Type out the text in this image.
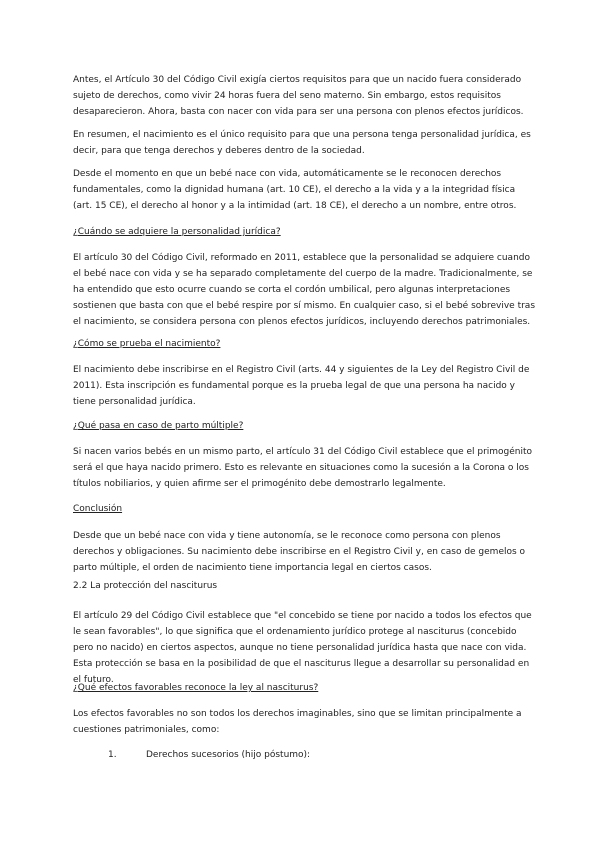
Antes, el Artículo 30 del Código Civil exigía ciertos requisitos para que un nacido fuera considerado sujeto de derechos, como vivir 24 horas fuera del seno materno. Sin embargo, estos requisitos desaparecieron. Ahora, basta con nacer con vida para ser una persona con plenos efectos jurídicos.

En resumen, el nacimiento es el único requisito para que una persona tenga personalidad jurídica, es decir, para que tenga derechos y deberes dentro de la sociedad.

Desde el momento en que un bebé nace con vida, automáticamente se le reconocen derechos fundamentales, como la dignidad humana (art. 10 CE), el derecho a la vida y a la integridad física (art. 15 CE), el derecho al honor y a la intimidad (art. 18 CE), el derecho a un nombre, entre otros.

¿Cuándo se adquiere la personalidad jurídica?

El artículo 30 del Código Civil, reformado en 2011, establece que la personalidad se adquiere cuando el bebé nace con vida y se ha separado completamente del cuerpo de la madre. Tradicionalmente, se ha entendido que esto ocurre cuando se corta el cordón umbilical, pero algunas interpretaciones sostienen que basta con que el bebé respire por sí mismo. En cualquier caso, si el bebé sobrevive tras el nacimiento, se considera persona con plenos efectos jurídicos, incluyendo derechos patrimoniales.

¿Cómo se prueba el nacimiento?

El nacimiento debe inscribirse en el Registro Civil (arts. 44 y siguientes de la Ley del Registro Civil de 2011). Esta inscripción es fundamental porque es la prueba legal de que una persona ha nacido y tiene personalidad jurídica.

¿Qué pasa en caso de parto múltiple?

Si nacen varios bebés en un mismo parto, el artículo 31 del Código Civil establece que el primogénito será el que haya nacido primero. Esto es relevante en situaciones como la sucesión a la Corona o los títulos nobiliarios, y quien afirme ser el primogénito debe demostrarlo legalmente.

Conclusión

Desde que un bebé nace con vida y tiene autonomía, se le reconoce como persona con plenos derechos y obligaciones. Su nacimiento debe inscribirse en el Registro Civil y, en caso de gemelos o parto múltiple, el orden de nacimiento tiene importancia legal en ciertos casos.

2.2 La protección del nasciturus

El artículo 29 del Código Civil establece que "el concebido se tiene por nacido a todos los efectos que le sean favorables", lo que significa que el ordenamiento jurídico protege al nasciturus (concebido pero no nacido) en ciertos aspectos, aunque no tiene personalidad jurídica hasta que nace con vida. Esta protección se basa en la posibilidad de que el nasciturus llegue a desarrollar su personalidad en el futuro.

¿Qué efectos favorables reconoce la ley al nasciturus?

Los efectos favorables no son todos los derechos imaginables, sino que se limitan principalmente a cuestiones patrimoniales, como:

1.	Derechos sucesorios (hijo póstumo):
